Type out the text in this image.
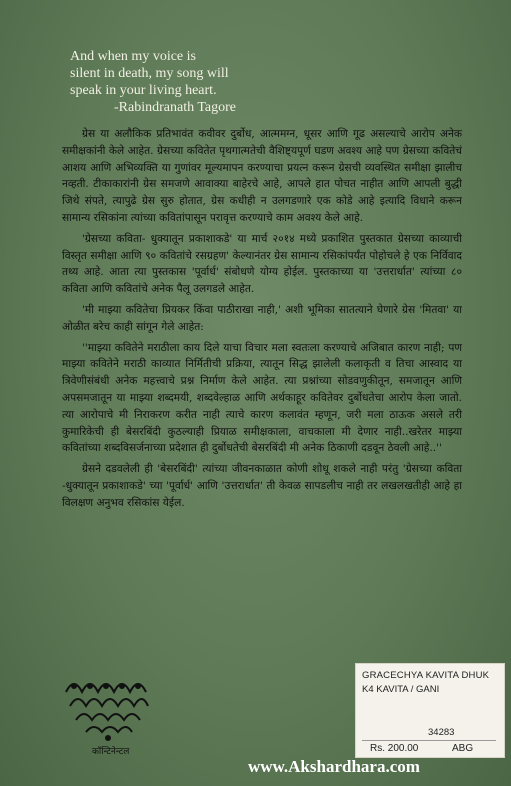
And when my voice is
silent in death, my song will
speak in your living heart.
-Rabindranath Tagore

ग्रेस या अलौकिक प्रतिभावंत कवीवर दुर्बोध, आत्ममग्न, धूसर आणि गूढ असल्याचे आरोप अनेक समीक्षकांनी केले आहेत. ग्रेसच्या कवितेत पृथगात्मतेची वैशिष्ट्यपूर्ण घडण अवश्य आहे पण ग्रेसच्या कवितेचं आशय आणि अभिव्यक्ति या गुणांवर मूल्यमापन करण्याचा प्रयत्न करून ग्रेसची व्यवस्थित समीक्षा झालीच नव्हती. टीकाकारांनी ग्रेस समजणे आवाक्या बाहेरचे आहे, आपले हात पोचत नाहीत आणि आपली बुद्धी जिथे संपते, त्यापुढे ग्रेस सुरु होतात, ग्रेस कधीही न उलगडणारे एक कोडे आहे इत्यादि विधाने करून सामान्य रसिकांना त्यांच्या कवितांपासून परावृत्त करण्याचे काम अवश्य केले आहे.

'ग्रेसच्या कविता- धुक्यातून प्रकाशाकडे' या मार्च २०१४ मध्ये प्रकाशित पुस्तकात ग्रेसच्या काव्याची विस्तृत समीक्षा आणि ९० कवितांचे रसग्रहण' केल्यानंतर ग्रेस सामान्य रसिकांपर्यंत पोहोचले हे एक निर्विवाद तथ्य आहे. आता त्या पुस्तकास 'पूर्वार्ध' संबोधणे योग्य होईल. पुस्तकाच्या या 'उत्तरार्धात' त्यांच्या ८० कविता आणि कवितांचे अनेक पैलू उलगडले आहेत.

'मी माझ्या कवितेचा प्रियकर किंवा पाठीराखा नाही,' अशी भूमिका सातत्याने घेणारे ग्रेस 'मितवा' या ओळीत बरेच काही सांगून गेले आहेत:

''माझ्या कवितेने मराठीला काय दिले याचा विचार मला स्वतःला करण्याचे अजिबात कारण नाही; पण माझ्या कवितेने मराठी काव्यात निर्मितीची प्रक्रिया, त्यातून सिद्ध झालेली कलाकृती व तिचा आस्वाद या त्रिवेणीसंबंधी अनेक महत्त्वाचे प्रश्न निर्माण केले आहेत. त्या प्रश्नांच्या सोडवणुकीतून, समजातून आणि अपसमजातून या माझ्या शब्दमयी, शब्दवेल्हाळ आणि अर्थकाहूर कवितेवर दुर्बोधतेचा आरोप केला जातो. त्या आरोपाचे मी निराकरण करीत नाही त्याचे कारण कलावंत म्हणून, जरी मला ठाऊक असले तरी कुमारिकेची ही बेसरबिंदी कुठल्याही प्रियाळ समीक्षकाला, वाचकाला मी देणार नाही..खरेतर माझ्या कवितांच्या शब्दविसर्जनाच्या प्रदेशात ही दुर्बोधतेची बेसरबिंदी मी अनेक ठिकाणी दडवून ठेवली आहे..''

ग्रेसने दडवलेली ही 'बेसरबिंदी' त्यांच्या जीवनकाळात कोणी शोधू शकले नाही परंतु 'ग्रेसच्या कविता -धुक्यातून प्रकाशाकडे' च्या 'पूर्वार्ध' आणि 'उत्तरार्धात' ती केवळ सापडलीच नाही तर लखलखतीही आहे हा विलक्षण अनुभव रसिकांस येईल.

कॉन्टिनेन्टल
GRACECHYA KAVITA DHUK
K4 KAVITA / GANI
34283
Rs. 200.00	ABG
www.Akshardhara.com
